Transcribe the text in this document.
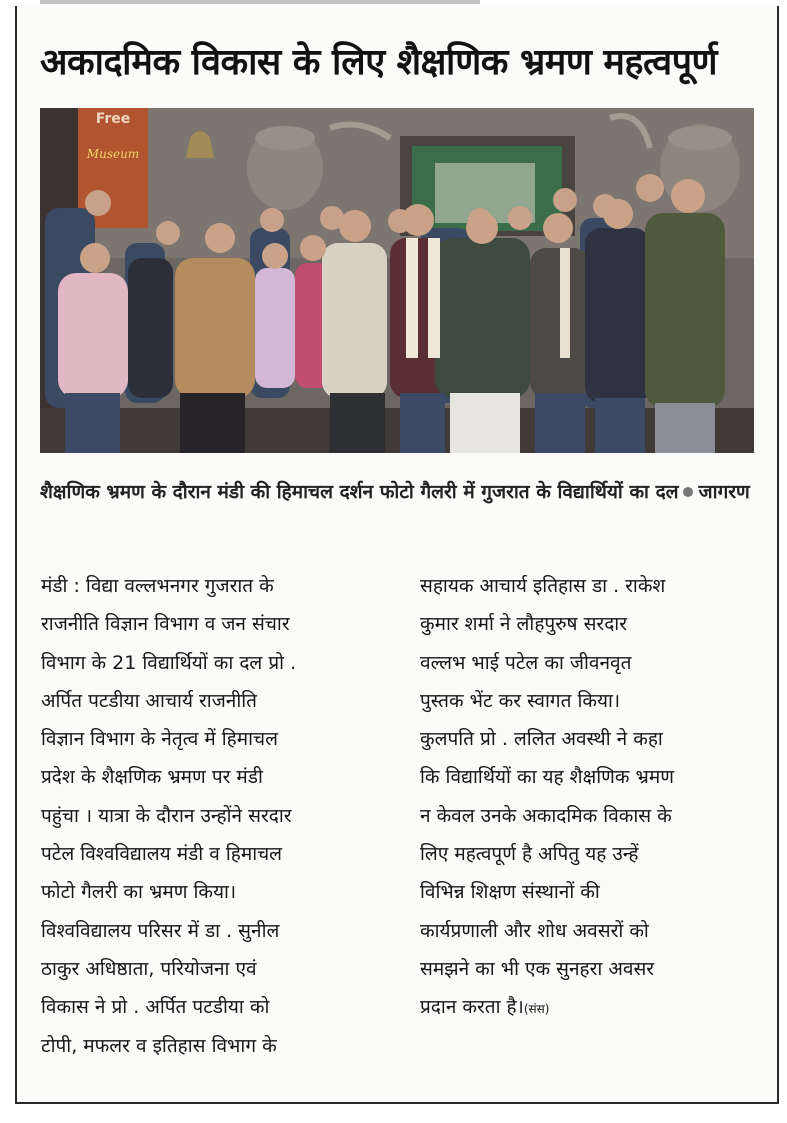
अकादमिक विकास के लिए शैक्षणिक भ्रमण महत्वपूर्ण
Free
Museum
शैक्षणिक भ्रमण के दौरान मंडी की हिमाचल दर्शन फोटो गैलरी में गुजरात के विद्यार्थियों का दल जागरण

मंडी : विद्या वल्लभनगर गुजरात के
राजनीति विज्ञान विभाग व जन संचार
विभाग के 21 विद्यार्थियों का दल प्रो .
अर्पित पटडीया आचार्य राजनीति
विज्ञान विभाग के नेतृत्व में हिमाचल
प्रदेश के शैक्षणिक भ्रमण पर मंडी
पहुंचा । यात्रा के दौरान उन्होंने सरदार
पटेल विश्वविद्यालय मंडी व हिमाचल
फोटो गैलरी का भ्रमण किया।
विश्वविद्यालय परिसर में डा . सुनील
ठाकुर अधिष्ठाता, परियोजना एवं
विकास ने प्रो . अर्पित पटडीया को
टोपी, मफलर व इतिहास विभाग के

सहायक आचार्य इतिहास डा . राकेश
कुमार शर्मा ने लौहपुरुष सरदार
वल्लभ भाई पटेल का जीवनवृत
पुस्तक भेंट कर स्वागत किया।
कुलपति प्रो . ललित अवस्थी ने कहा
कि विद्यार्थियों का यह शैक्षणिक भ्रमण
न केवल उनके अकादमिक विकास के
लिए महत्वपूर्ण है अपितु यह उन्हें
विभिन्न शिक्षण संस्थानों की
कार्यप्रणाली और शोध अवसरों को
समझने का भी एक सुनहरा अवसर
प्रदान करता है।(संस)
